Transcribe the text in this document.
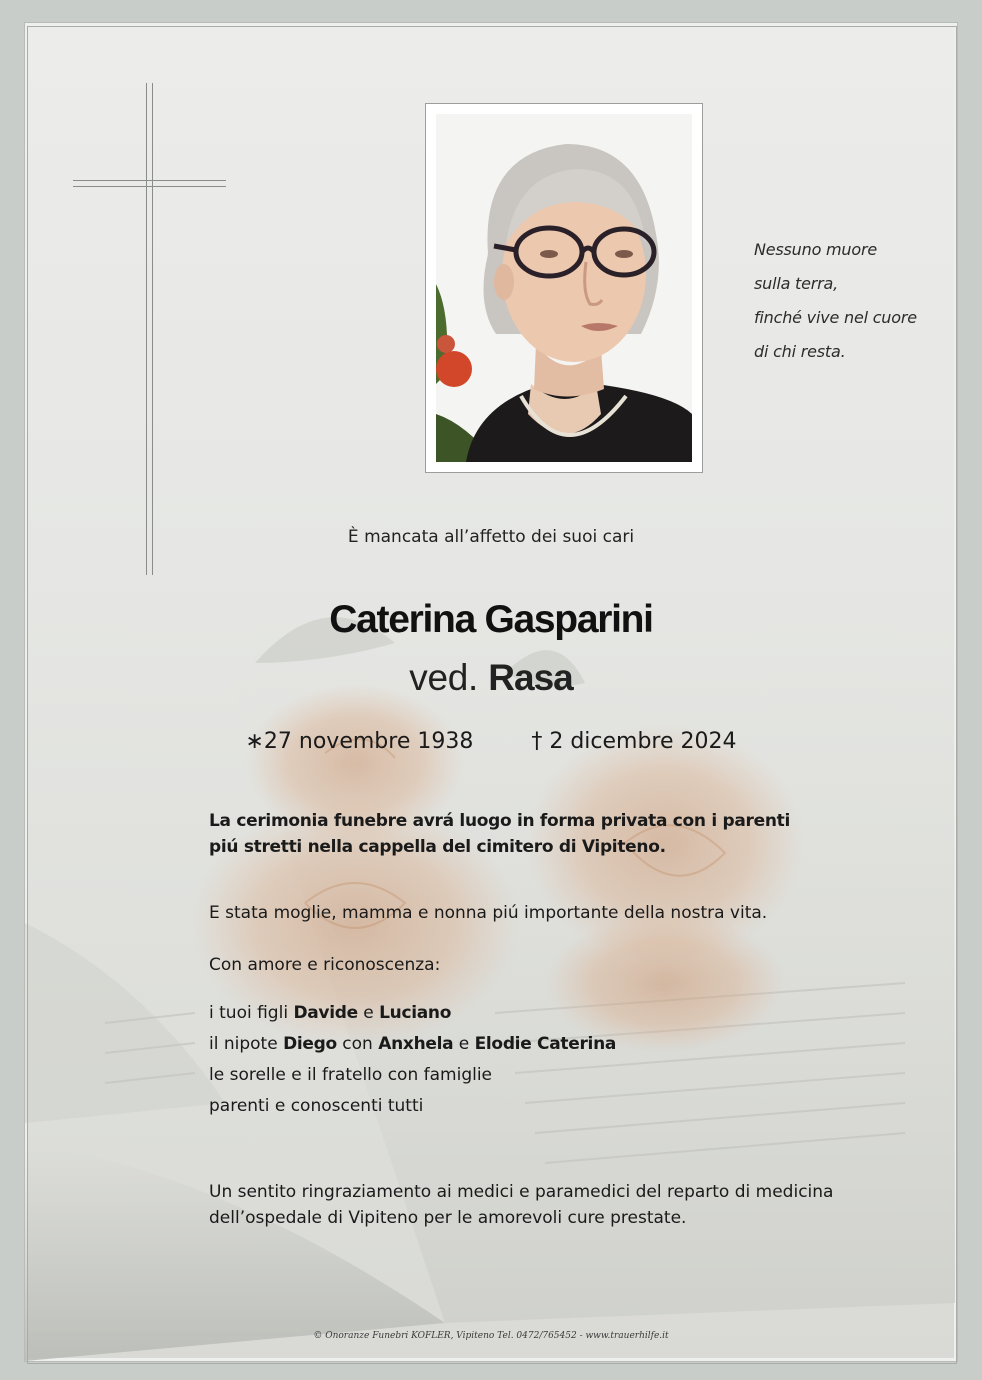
Nessuno muore
sulla terra,
finché vive nel cuore
di chi resta.
È mancata all’affetto dei suoi cari
Caterina Gasparini
ved. Rasa
∗27 novembre 1938	† 2 dicembre 2024
La cerimonia funebre avrá luogo in forma privata con i parenti
piú stretti nella cappella del cimitero di Vipiteno.
E stata moglie, mamma e nonna piú importante della nostra vita.
Con amore e riconoscenza:
i tuoi figli Davide e Luciano
il nipote Diego con Anxhela e Elodie Caterina
le sorelle e il fratello con famiglie
parenti e conoscenti tutti
Un sentito ringraziamento ai medici e paramedici del reparto di medicina
dell’ospedale di Vipiteno per le amorevoli cure prestate.
© Onoranze Funebri KOFLER, Vipiteno Tel. 0472/765452 - www.trauerhilfe.it
